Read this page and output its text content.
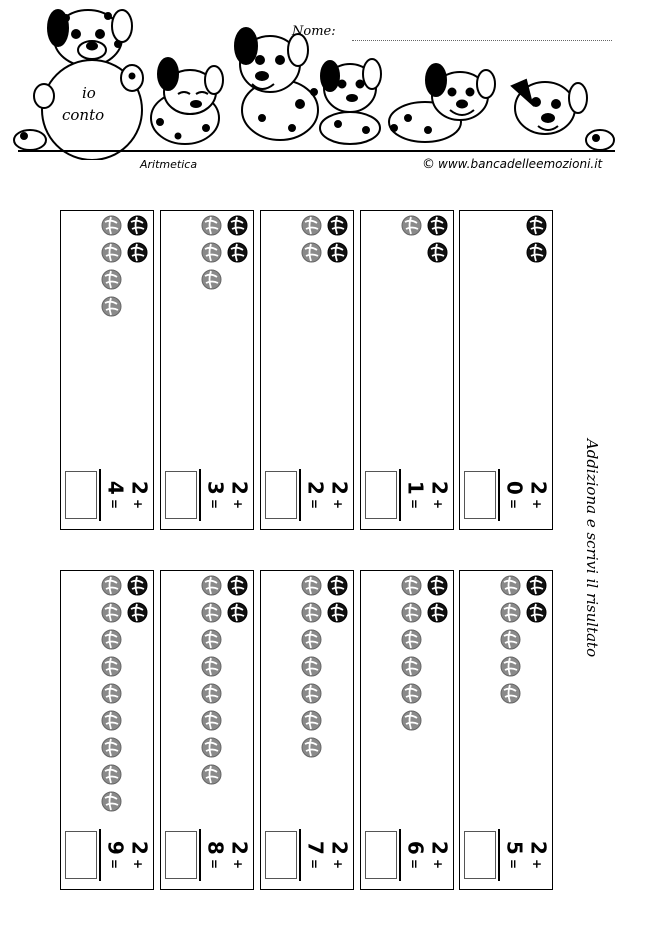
Nome:
io
conto
Aritmetica	© www.bancadelleemozioni.it
Addiziona e scrivi il risultato
2 +
0 =
2 +
1 =
2 +
2 =
2 +
3 =
2 +
4 =
2 +
5 =
2 +
6 =
2 +
7 =
2 +
8 =
2 +
9 =
